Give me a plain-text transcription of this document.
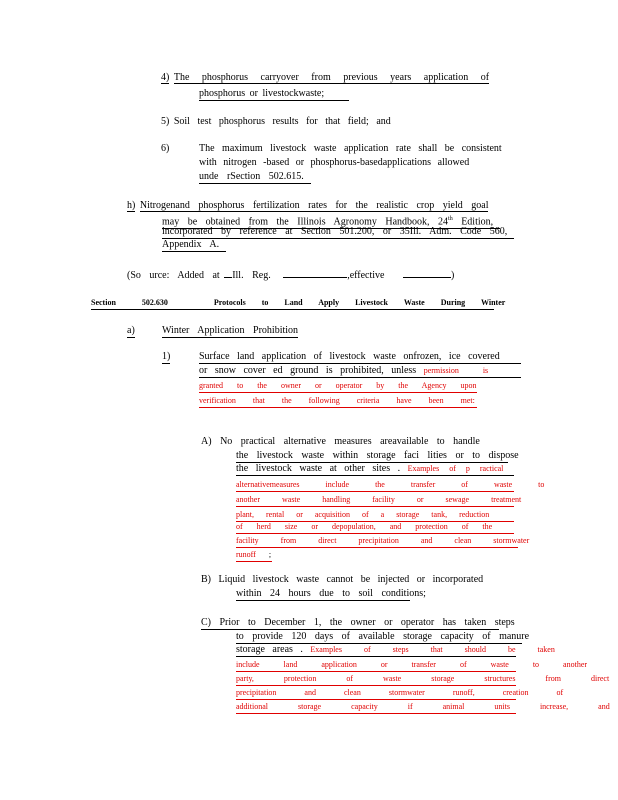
4) The phosphorus carryover from previous years application of
phosphorus or livestockwaste;
5) Soil test phosphorus results for that field; and
6)	The maximum livestock waste application rate shall be consistent
with nitrogen -based or phosphorus-basedapplications allowed
unde rSection 502.615.
h) Nitrogenand phosphorus fertilization rates for the realistic crop yield goal
may be obtained from the Illinois Agronomy Handbook, 24th Edition,
incorporated by reference at Section 501.200, or 35Ill. Adm. Code 560,
Appendix A.
(So urce: Added at Ill. Reg.	,effective	)
Section	502.630	Protocols to Land Apply Livestock Waste During Winter
a)	Winter Application Prohibition
1)	Surface land application of livestock waste onfrozen, ice covered
or snow cover ed ground is prohibited, unless permission is
granted to the owner or operator by the Agency upon
verification that the following criteria have been met:
A) No practical alternative measures areavailable to handle
the livestock waste within storage faci lities or to dispose
the livestock waste at other sites . Examples of p ractical
alternativemeasures include the transfer of waste to
another waste handling facility or sewage treatment
plant, rental or acquisition of a storage tank, reduction
of herd size or depopulation, and protection of the
facility from direct precipitation and clean stormwater
runoff ;
B) Liquid livestock waste cannot be injected or incorporated
within 24 hours due to soil conditions;
C) Prior to December 1, the owner or operator has taken steps
to provide 120 days of available storage capacity of manure
storage areas . Examples of steps that should be taken
include land application or transfer of waste to another
party, protection of waste storage structures from direct
precipitation and clean stormwater runoff, creation of
additional storage capacity if animal units increase, and
